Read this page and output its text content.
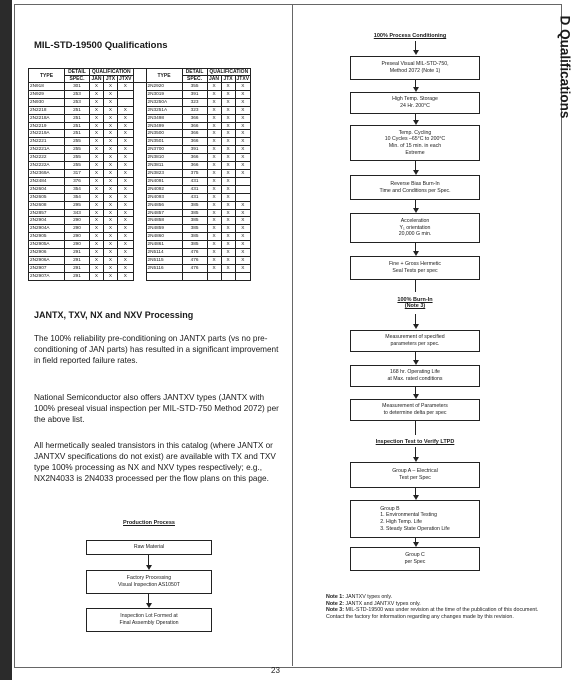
D Qualifications
MIL-STD-19500 Qualifications
TYPE	DETAIL	QUALIFICATION				TYPE	DETAIL	QUALIFICATION		
	SPEC.	JAN	JTX	JTXV			SPEC.	JAN	JTX	JTXV
2N918	301	X	X	X		2N2920	355	X	X	X
2N929	253	X	X			2N3019	391	X	X	X
2N930	253	X	X			2N3250A	323	X	X	X
2N2218	251	X	X	X		2N3251A	323	X	X	X
2N2218A	251	X	X	X		2N3498	366	X	X	X
2N2219	251	X	X	X		2N3499	366	X	X	X
2N2219A	251	X	X	X		2N3500	366	X	X	X
2N2221	255	X	X	X		2N3501	366	X	X	X
2N2221A	255	X	X	X		2N3700	391	X	X	X
2N2222	255	X	X	X		2N3810	366	X	X	X
2N2222A	255	X	X	X		2N3811	366	X	X	X
2N2369A	317	X	X	X		2N3823	375	X	X	X
2N2484	376	X	X	X		2N4091	431	X	X	
2N2604	354	X	X	X		2N4092	431	X	X	
2N2605	354	X	X	X		2N4093	431	X	X	
2N2608	295	X	X	X		2N4856	385	X	X	X
2N2857	343	X	X	X		2N4857	385	X	X	X
2N2904	290	X	X	X		2N4858	385	X	X	X
2N2904A	290	X	X	X		2N4859	385	X	X	X
2N2905	290	X	X	X		2N4860	385	X	X	X
2N2905A	290	X	X	X		2N4861	385	X	X	X
2N2906	291	X	X	X		2N5114	476	X	X	X
2N2906A	291	X	X	X		2N5115	476	X	X	X
2N2907	291	X	X	X		2N5116	476	X	X	X
2N2907A	291	X	X	X						
JANTX, TXV, NX and NXV Processing

The 100% reliability pre-conditioning on JANTX parts (vs no pre-conditioning of JAN parts) has resulted in a significant improvement in field reported failure rates.

National Semiconductor also offers JANTXV types (JANTX with 100% preseal visual inspection per MIL-STD-750 Method 2072) per the above list.

All hermetically sealed transistors in this catalog (where JANTX or JANTXV specifications do not exist) are available with TX and TXV type 100% processing as NX and NXV types respectively; e.g., NX2N4033 is 2N4033 processed per the flow plans on this page.

Production Process
Raw Material
Factory Processing
Visual Inspection AS1050T
Inspection Lot Formed at
Final Assembly Operation
100% Process Conditioning
Preseal Visual MIL-STD-750,
Method 2072 (Note 1)
High Temp. Storage
24 Hr. 200°C
Temp. Cycling
10 Cycles –65°C to 200°C
Min. of 15 min. in each
Extreme
Reverse Bias Burn-In
Time and Conditions per Spec.
Acceleration
Y₁ orientation
20,000 G min.
Fine + Gross Hermetic
Seal Tests per spec
100% Burn-In
(Note 3)
Measurement of specified
parameters per spec.
168 hr. Operating Life
at Max. rated conditions
Measurement of Parameters
to determine delta per spec
Inspection Test to Verify LTPD
Group A – Electrical
Test per Spec
Group B
1. Environmental Testing
2. High Temp. Life
3. Steady State Operation Life
Group C
per Spec
Note 1: JANTXV types only.
Note 2: JANTX and JANTXV types only.
Note 3: MIL-STD-19500 was under revision at the time of the publication of this document. Contact the factory for information regarding any changes made by this revision.
23
